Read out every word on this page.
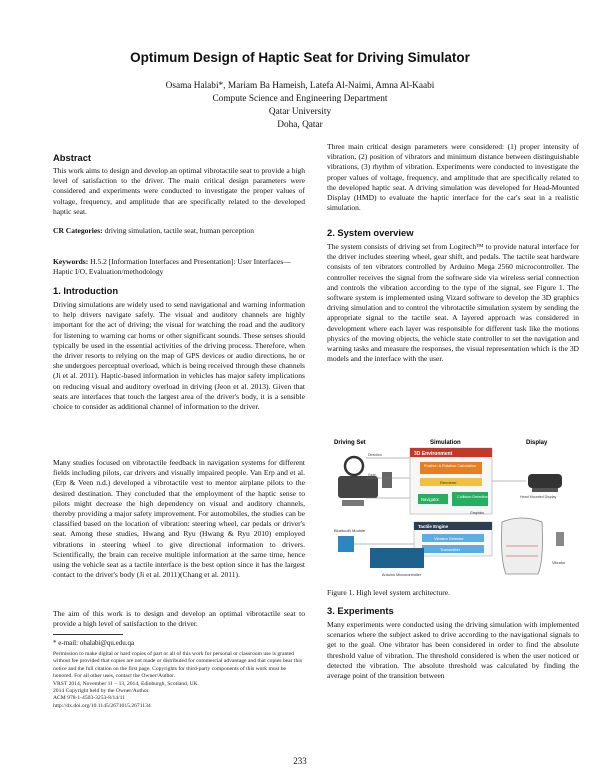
Optimum Design of Haptic Seat for Driving Simulator
Osama Halabi*, Mariam Ba Hameish, Latefa Al-Naimi, Amna Al-Kaabi
Compute Science and Engineering Department
Qatar University
Doha, Qatar
Abstract
This work aims to design and develop an optimal vibrotactile seat to provide a high level of satisfaction to the driver. The main critical design parameters were considered and experiments were conducted to investigate the proper values of voltage, frequency, and amplitude that are specifically related to the developed haptic seat.

CR Categories: driving simulation, tactile seat, human perception

Keywords: H.5.2 [Information Interfaces and Presentation]: User Interfaces—Haptic I/O, Evaluation/methodology
1. Introduction
Driving simulations are widely used to send navigational and warning information to help drivers navigate safely. The visual and auditory channels are highly important for the act of driving; the visual for watching the road and the auditory for listening to warning car horns or other significant sounds. These senses should typically be used in the essential activities of the driving process. Therefore, when the driver resorts to relying on the map of GPS devices or audio directions, he or she undergoes perceptual overload, which is being received through these channels (Ji et al. 2011). Haptic-based information in vehicles has major safety implications on reducing visual and auditory overload in driving (Jeon et al. 2013). Given that seats are interfaces that touch the largest area of the driver's body, it is a sensible choice to consider as additional channel of information to the driver.
Many studies focused on vibrotactile feedback in navigation systems for different fields including pilots, car drivers and visually impaired people. Van Erp and et al. (Erp & Veen n.d.) developed a vibrotactile vest to mentor airplane pilots to the desired destination. They concluded that the employment of the haptic sense to pilots might decrease the high dependency on visual and auditory channels, thereby providing a major safety improvement. For automobiles, the studies can be classified based on the location of vibration: steering wheel, car pedals or driver's seat. Among these studies, Hwang and Ryu (Hwang & Ryu 2010) employed vibrations in steering wheel to give directional information to drivers. Scientifically, the brain can receive multiple information at the same time, hence using the vehicle seat as a tactile interface is the best option since it has the largest contact to the driver's body (Ji et al. 2011)(Chang et al. 2011).
The aim of this work is to design and develop an optimal vibrotactile seat to provide a high level of satisfaction to the driver.
* e-mail: ohalabi@qu.edu.qa
Permission to make digital or hard copies of part or all of this work for personal or classroom use is granted without fee provided that copies are not made or distributed for commercial advantage and that copies bear this notice and the full citation on the first page. Copyrights for third-party components of this work must be honored. For all other uses, contact the Owner/Author.
VRST 2014, November 11 – 13, 2014, Edinburgh, Scotland, UK.
2014 Copyright held by the Owner/Author.
ACM 978-1-4503-3253-8/14/11
http://dx.doi.org/10.1145/2671015.2671134
Three main critical design parameters were considered: (1) proper intensity of vibration, (2) position of vibrators and minimum distance between distinguishable vibrations, (3) rhythm of vibration. Experiments were conducted to investigate the proper values of voltage, frequency, and amplitude that are specifically related to the developed haptic seat. A driving simulation was developed for Head-Mounted Display (HMD) to evaluate the haptic interface for the car's seat in a realistic simulation.
2. System overview
The system consists of driving set from Logitech™ to provide natural interface for the driver includes steering wheel, gear shift, and pedals. The tactile seat hardware consists of ten vibrators controlled by Arduino Mega 2560 microcontroller. The controller receives the signal from the software side via wireless serial connection and controls the vibration according to the type of the signal, see Figure 1. The software system is implemented using Vizard software to develop the 3D graphics driving simulation and to control the vibrotactile simulation system by sending the appropriate signal to the tactile seat. A layered approach was considered in development where each layer was responsible for different task like the motions physics of the moving objects, the vehicle state controller to set the navigation and warning tasks and measure the responses, the visual representation which is the 3D models and the interface with the user.
Driving Set	Simulation	Display
Direction
Gear
Speed
3D Environment
Position & Rotation Calculation
Renderer
Navigator	Collision Detection
Graphics
Head Mounted Display
Tactile Engine
Vibrator Selector
Transmitter
Bluetooth Module
Arduino Microcontroller
Vibrator
Figure 1. High level system architecture.
3. Experiments
Many experiments were conducted using the driving simulation with implemented scenarios where the subject asked to drive according to the navigational signals to get to the goal. One vibrator has been considered in order to find the absolute threshold value of vibration. The threshold considered is when the user noticed or detected the vibration. The absolute threshold was calculated by finding the average point of the transition between
233
